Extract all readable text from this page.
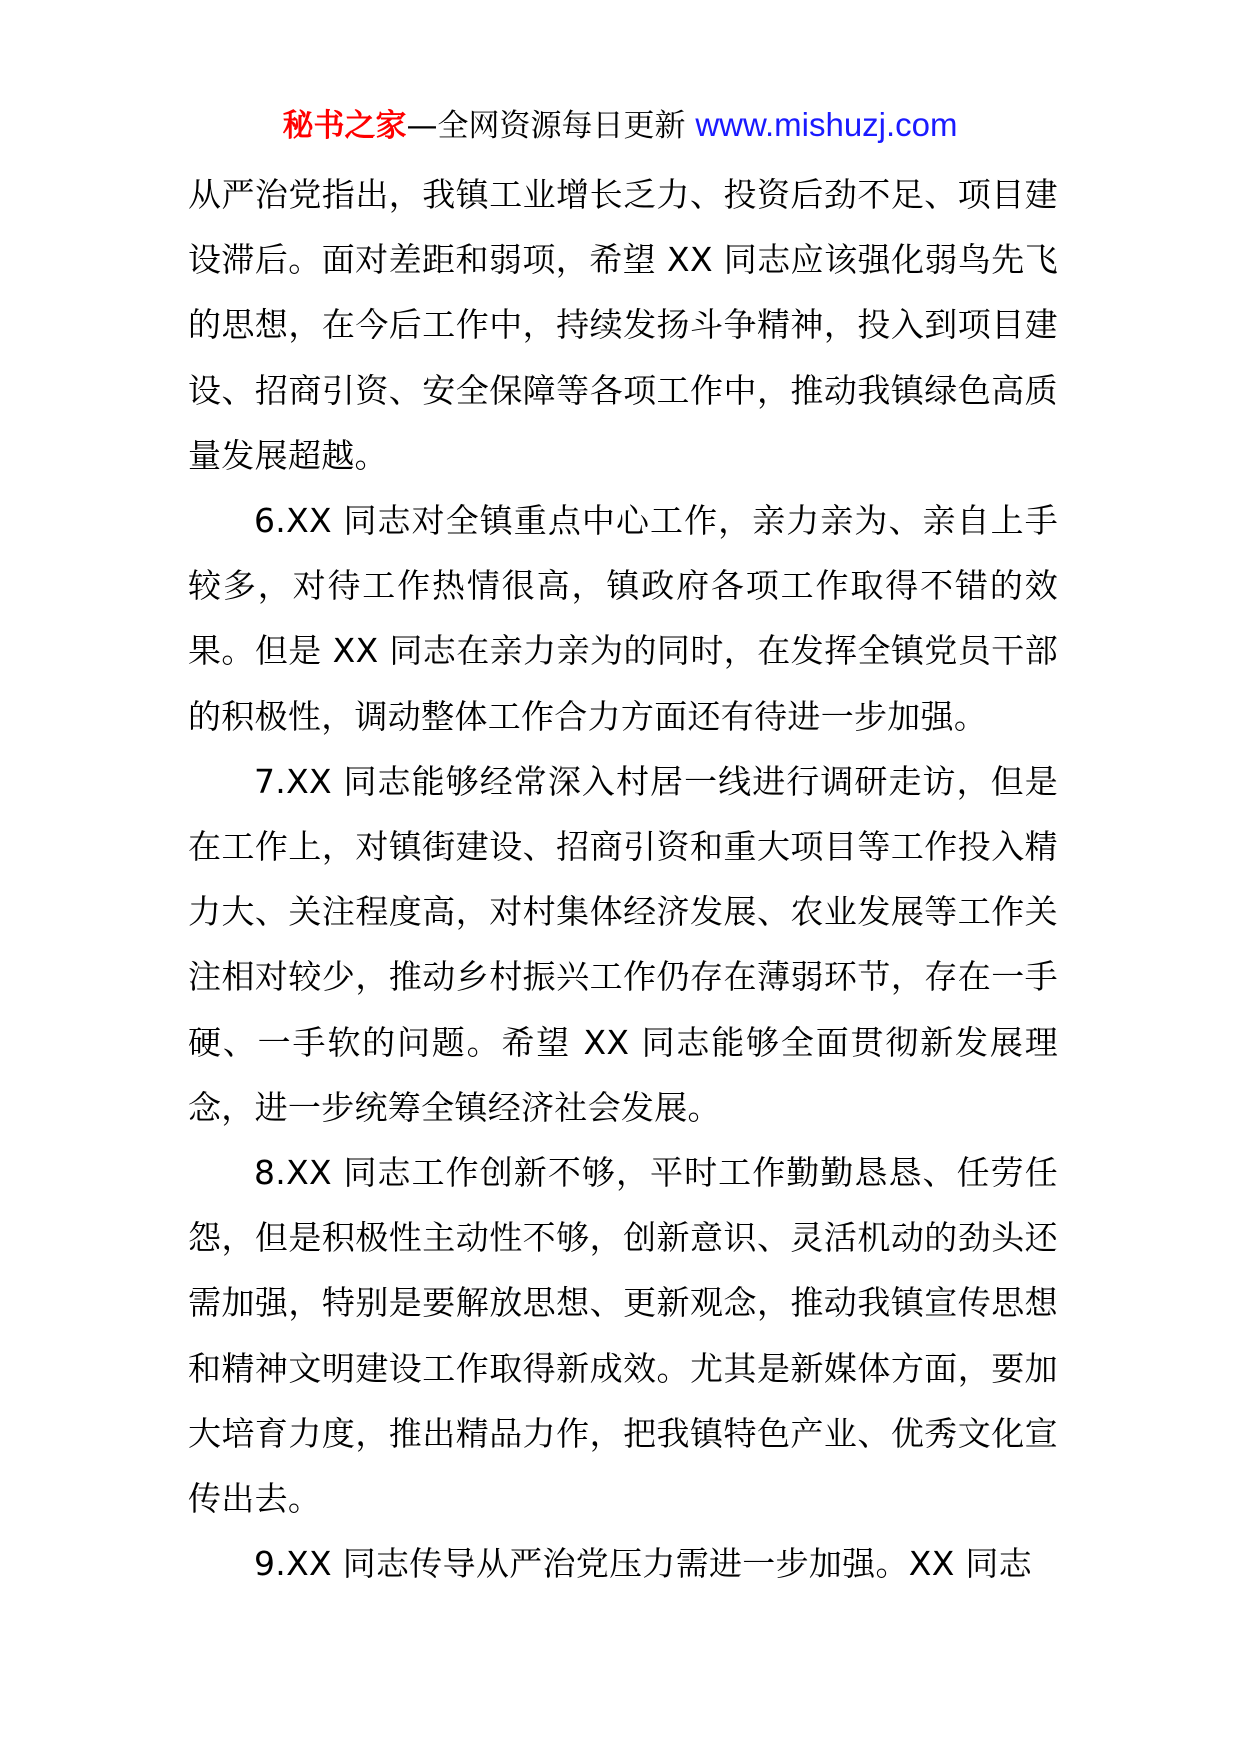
秘书之家—全网资源每日更新 www.mishuzj.com

从严治党指出，我镇工业增长乏力、投资后劲不足、项目建设滞后。面对差距和弱项，希望 XX 同志应该强化弱鸟先飞的思想，在今后工作中，持续发扬斗争精神，投入到项目建设、招商引资、安全保障等各项工作中，推动我镇绿色高质量发展超越。

6.XX 同志对全镇重点中心工作，亲力亲为、亲自上手较多，对待工作热情很高，镇政府各项工作取得不错的效果。但是 XX 同志在亲力亲为的同时，在发挥全镇党员干部的积极性，调动整体工作合力方面还有待进一步加强。

7.XX 同志能够经常深入村居一线进行调研走访，但是在工作上，对镇街建设、招商引资和重大项目等工作投入精力大、关注程度高，对村集体经济发展、农业发展等工作关注相对较少，推动乡村振兴工作仍存在薄弱环节，存在一手硬、一手软的问题。希望 XX 同志能够全面贯彻新发展理念，进一步统筹全镇经济社会发展。

8.XX 同志工作创新不够，平时工作勤勤恳恳、任劳任怨，但是积极性主动性不够，创新意识、灵活机动的劲头还需加强，特别是要解放思想、更新观念，推动我镇宣传思想和精神文明建设工作取得新成效。尤其是新媒体方面，要加大培育力度，推出精品力作，把我镇特色产业、优秀文化宣传出去。

9.XX 同志传导从严治党压力需进一步加强。XX 同志
